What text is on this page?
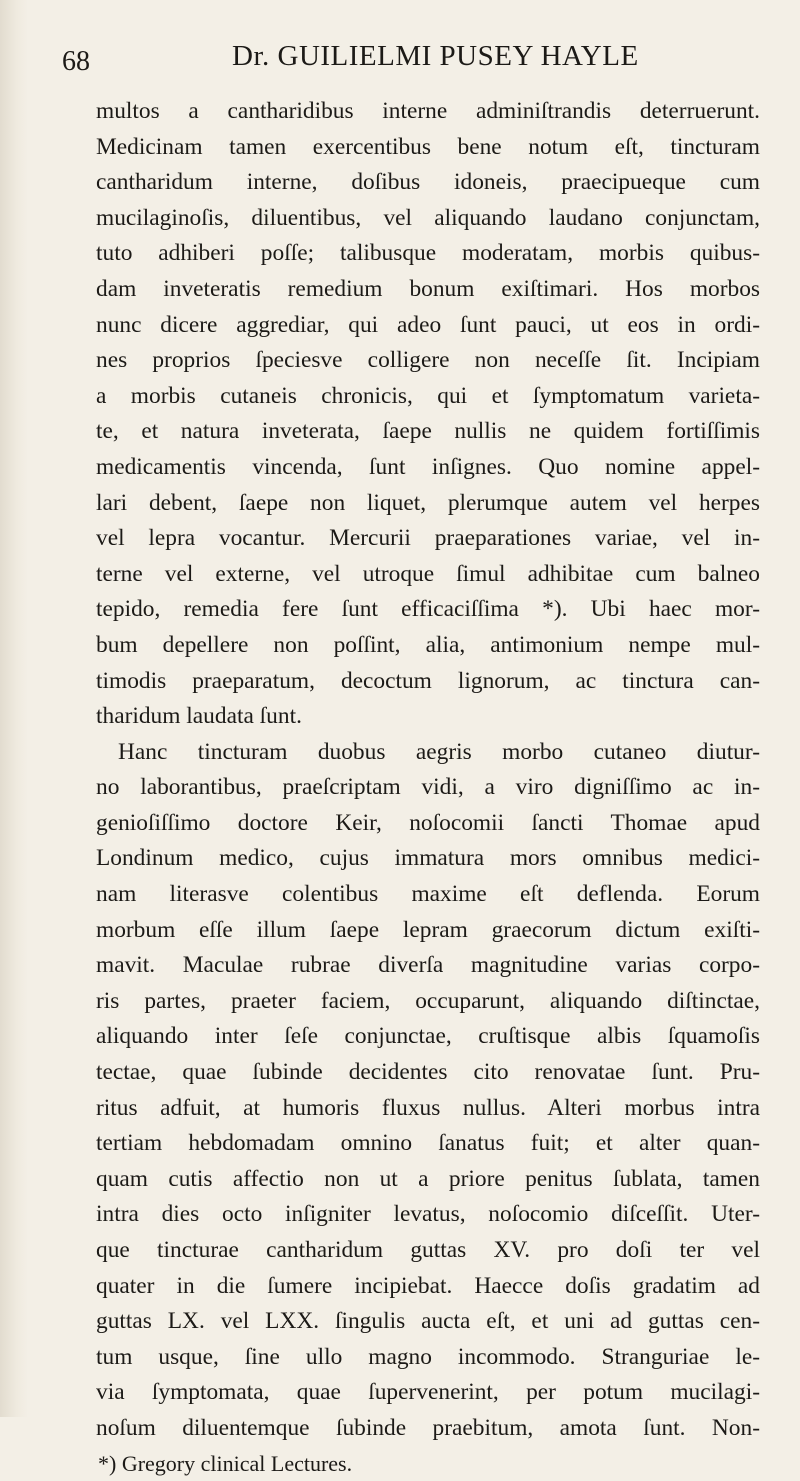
68	Dr. GUILIELMI PUSEY HAYLE
multos a cantharidibus interne adminiſtrandis deterruerunt.
Medicinam tamen exercentibus bene notum eſt, tincturam
cantharidum interne, doſibus idoneis, praecipueque cum
mucilaginoſis, diluentibus, vel aliquando laudano conjunctam,
tuto adhiberi poſſe; talibusque moderatam, morbis quibus-
dam inveteratis remedium bonum exiſtimari. Hos morbos
nunc dicere aggrediar, qui adeo ſunt pauci, ut eos in ordi-
nes proprios ſpeciesve colligere non neceſſe ſit. Incipiam
a morbis cutaneis chronicis, qui et ſymptomatum varieta-
te, et natura inveterata, ſaepe nullis ne quidem fortiſſimis
medicamentis vincenda, ſunt inſignes. Quo nomine appel-
lari debent, ſaepe non liquet, plerumque autem vel herpes
vel lepra vocantur. Mercurii praeparationes variae, vel in-
terne vel externe, vel utroque ſimul adhibitae cum balneo
tepido, remedia fere ſunt efficaciſſima *). Ubi haec mor-
bum depellere non poſſint, alia, antimonium nempe mul-
timodis praeparatum, decoctum lignorum, ac tinctura can-
tharidum laudata ſunt.
Hanc tincturam duobus aegris morbo cutaneo diutur-
no laborantibus, praeſcriptam vidi, a viro digniſſimo ac in-
genioſiſſimo doctore Keir, noſocomii ſancti Thomae apud
Londinum medico, cujus immatura mors omnibus medici-
nam literasve colentibus maxime eſt deflenda. Eorum
morbum eſſe illum ſaepe lepram graecorum dictum exiſti-
mavit. Maculae rubrae diverſa magnitudine varias corpo-
ris partes, praeter faciem, occuparunt, aliquando diſtinctae,
aliquando inter ſeſe conjunctae, cruſtisque albis ſquamoſis
tectae, quae ſubinde decidentes cito renovatae ſunt. Pru-
ritus adfuit, at humoris fluxus nullus. Alteri morbus intra
tertiam hebdomadam omnino ſanatus fuit; et alter quan-
quam cutis affectio non ut a priore penitus ſublata, tamen
intra dies octo inſigniter levatus, noſocomio diſceſſit. Uter-
que tincturae cantharidum guttas XV. pro doſi ter vel
quater in die ſumere incipiebat. Haecce doſis gradatim ad
guttas LX. vel LXX. ſingulis aucta eſt, et uni ad guttas cen-
tum usque, ſine ullo magno incommodo. Stranguriae le-
via ſymptomata, quae ſupervenerint, per potum mucilagi-
noſum diluentemque ſubinde praebitum, amota ſunt. Non-
*) Gregory clinical Lectures.
